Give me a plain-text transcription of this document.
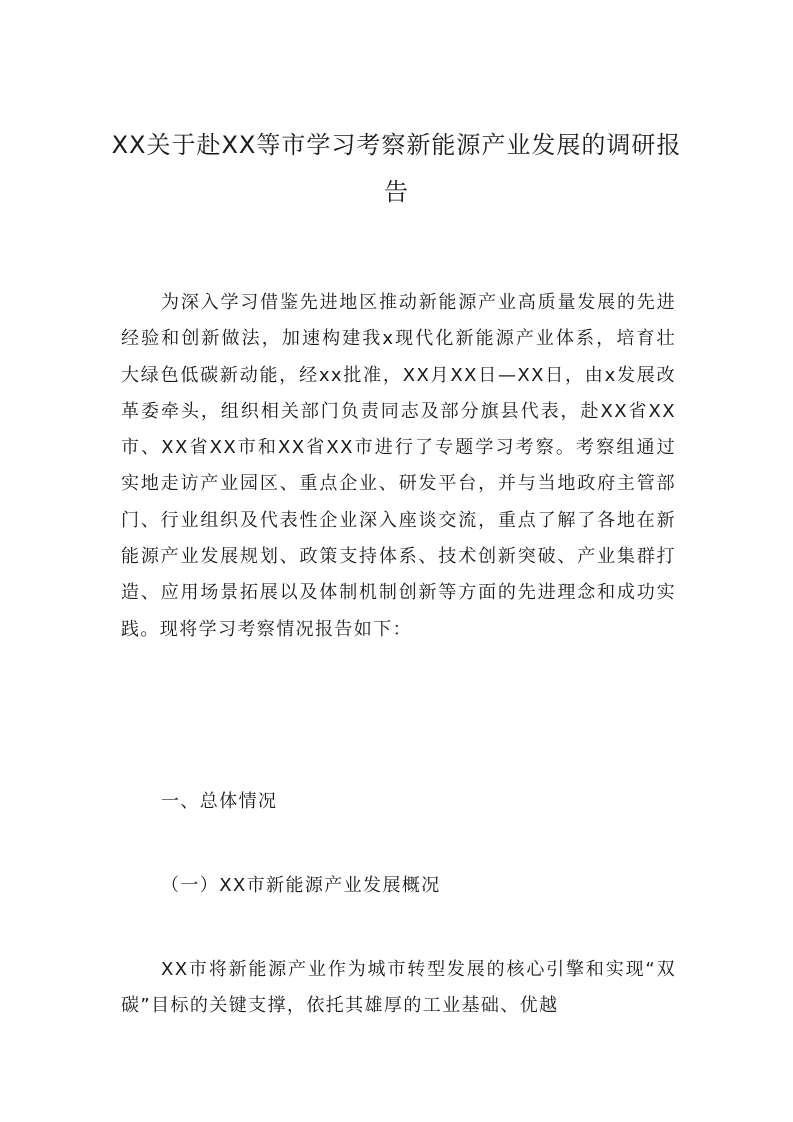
XX关于赴XX等市学习考察新能源产业发展的调研报告

为深入学习借鉴先进地区推动新能源产业高质量发展的先进经验和创新做法，加速构建我x现代化新能源产业体系，培育壮大绿色低碳新动能，经xx批准，XX月XX日—XX日，由x发展改革委牵头，组织相关部门负责同志及部分旗县代表，赴XX省XX市、XX省XX市和XX省XX市进行了专题学习考察。考察组通过实地走访产业园区、重点企业、研发平台，并与当地政府主管部门、行业组织及代表性企业深入座谈交流，重点了解了各地在新能源产业发展规划、政策支持体系、技术创新突破、产业集群打造、应用场景拓展以及体制机制创新等方面的先进理念和成功实践。现将学习考察情况报告如下：

一、总体情况

（一）XX市新能源产业发展概况

XX市将新能源产业作为城市转型发展的核心引擎和实现“双碳”目标的关键支撑，依托其雄厚的工业基础、优越
